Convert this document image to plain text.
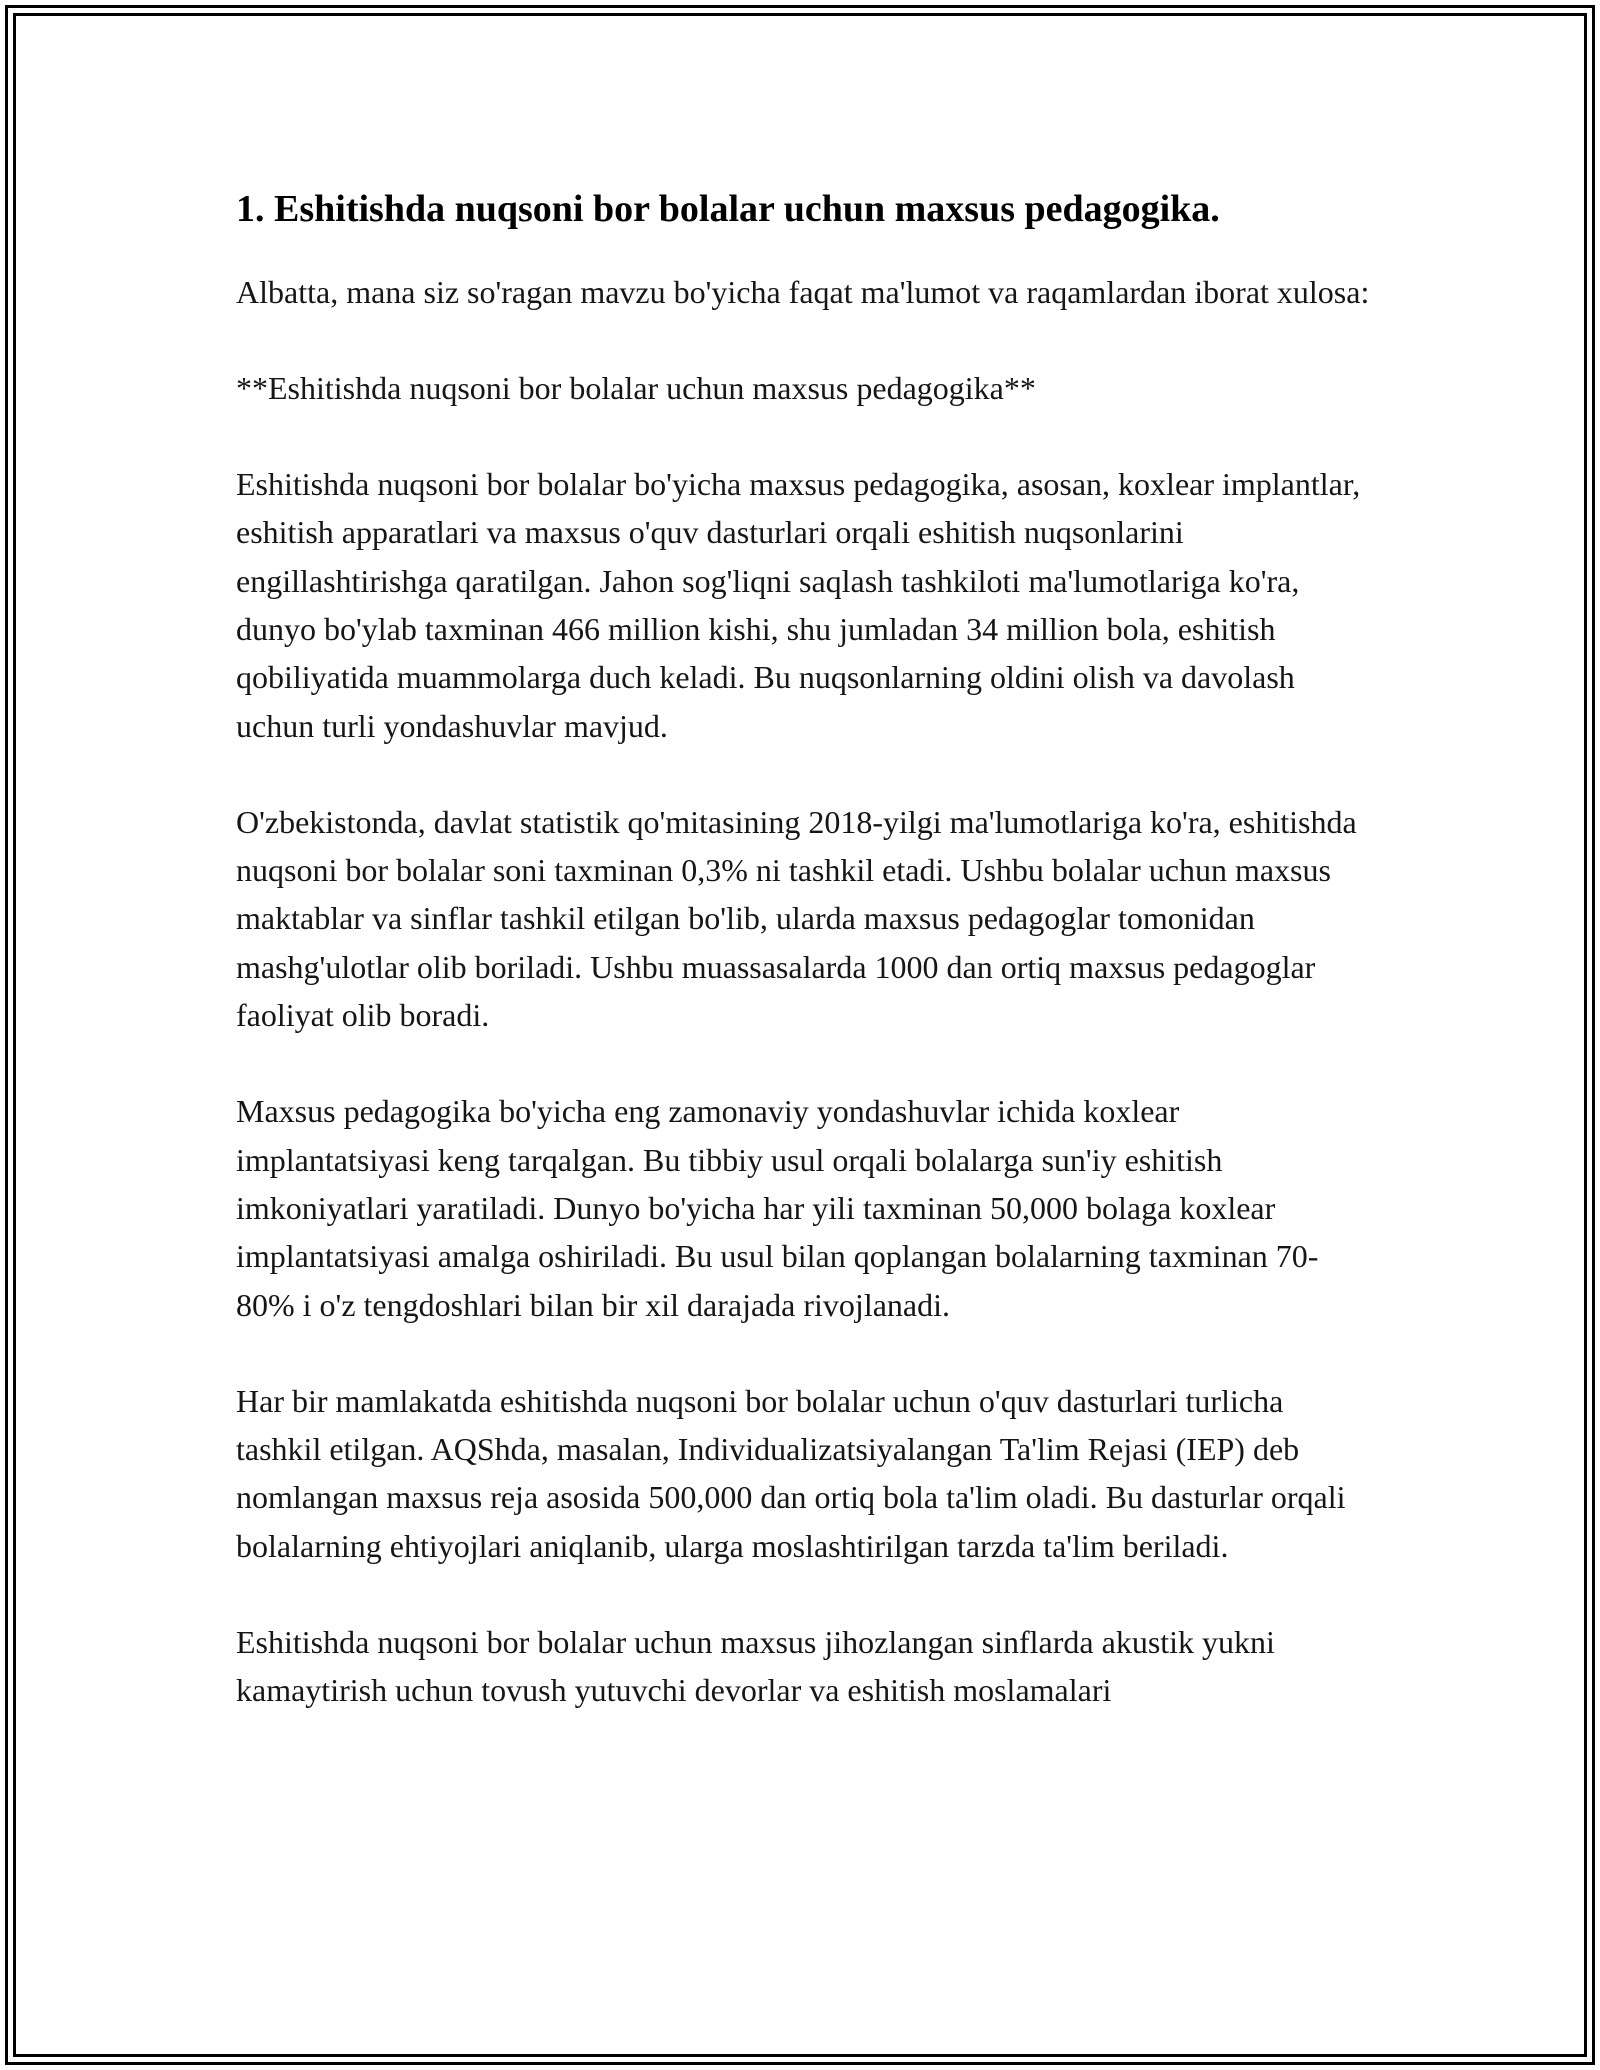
1. Eshitishda nuqsoni bor bolalar uchun maxsus pedagogika.

Albatta, mana siz so'ragan mavzu bo'yicha faqat ma'lumot va raqamlardan iborat xulosa:

**Eshitishda nuqsoni bor bolalar uchun maxsus pedagogika**

Eshitishda nuqsoni bor bolalar bo'yicha maxsus pedagogika, asosan, koxlear implantlar, eshitish apparatlari va maxsus o'quv dasturlari orqali eshitish nuqsonlarini engillashtirishga qaratilgan. Jahon sog'liqni saqlash tashkiloti ma'lumotlariga ko'ra, dunyo bo'ylab taxminan 466 million kishi, shu jumladan 34 million bola, eshitish qobiliyatida muammolarga duch keladi. Bu nuqsonlarning oldini olish va davolash uchun turli yondashuvlar mavjud.

O'zbekistonda, davlat statistik qo'mitasining 2018-yilgi ma'lumotlariga ko'ra, eshitishda nuqsoni bor bolalar soni taxminan 0,3% ni tashkil etadi. Ushbu bolalar uchun maxsus maktablar va sinflar tashkil etilgan bo'lib, ularda maxsus pedagoglar tomonidan mashg'ulotlar olib boriladi. Ushbu muassasalarda 1000 dan ortiq maxsus pedagoglar faoliyat olib boradi.

Maxsus pedagogika bo'yicha eng zamonaviy yondashuvlar ichida koxlear implantatsiyasi keng tarqalgan. Bu tibbiy usul orqali bolalarga sun'iy eshitish imkoniyatlari yaratiladi. Dunyo bo'yicha har yili taxminan 50,000 bolaga koxlear implantatsiyasi amalga oshiriladi. Bu usul bilan qoplangan bolalarning taxminan 70-80% i o'z tengdoshlari bilan bir xil darajada rivojlanadi.

Har bir mamlakatda eshitishda nuqsoni bor bolalar uchun o'quv dasturlari turlicha tashkil etilgan. AQShda, masalan, Individualizatsiyalangan Ta'lim Rejasi (IEP) deb nomlangan maxsus reja asosida 500,000 dan ortiq bola ta'lim oladi. Bu dasturlar orqali bolalarning ehtiyojlari aniqlanib, ularga moslashtirilgan tarzda ta'lim beriladi.

Eshitishda nuqsoni bor bolalar uchun maxsus jihozlangan sinflarda akustik yukni kamaytirish uchun tovush yutuvchi devorlar va eshitish moslamalari
